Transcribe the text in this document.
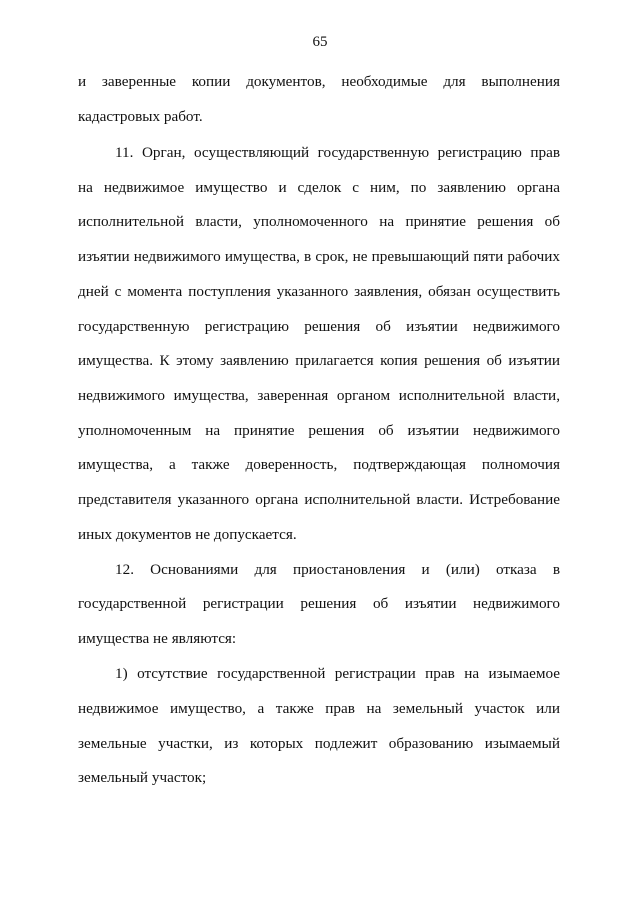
65
и заверенные копии документов, необходимые для выполнения
кадастровых работ.
11. Орган, осуществляющий государственную регистрацию прав
на недвижимое имущество и сделок с ним, по заявлению органа
исполнительной власти, уполномоченного на принятие решения об
изъятии недвижимого имущества, в срок, не превышающий пяти рабочих
дней с момента поступления указанного заявления, обязан осуществить
государственную регистрацию решения об изъятии недвижимого
имущества. К этому заявлению прилагается копия решения об изъятии
недвижимого имущества, заверенная органом исполнительной власти,
уполномоченным на принятие решения об изъятии недвижимого
имущества, а также доверенность, подтверждающая полномочия
представителя указанного органа исполнительной власти. Истребование
иных документов не допускается.
12. Основаниями для приостановления и (или) отказа в
государственной регистрации решения об изъятии недвижимого
имущества не являются:
1) отсутствие государственной регистрации прав на изымаемое
недвижимое имущество, а также прав на земельный участок или
земельные участки, из которых подлежит образованию изымаемый
земельный участок;
